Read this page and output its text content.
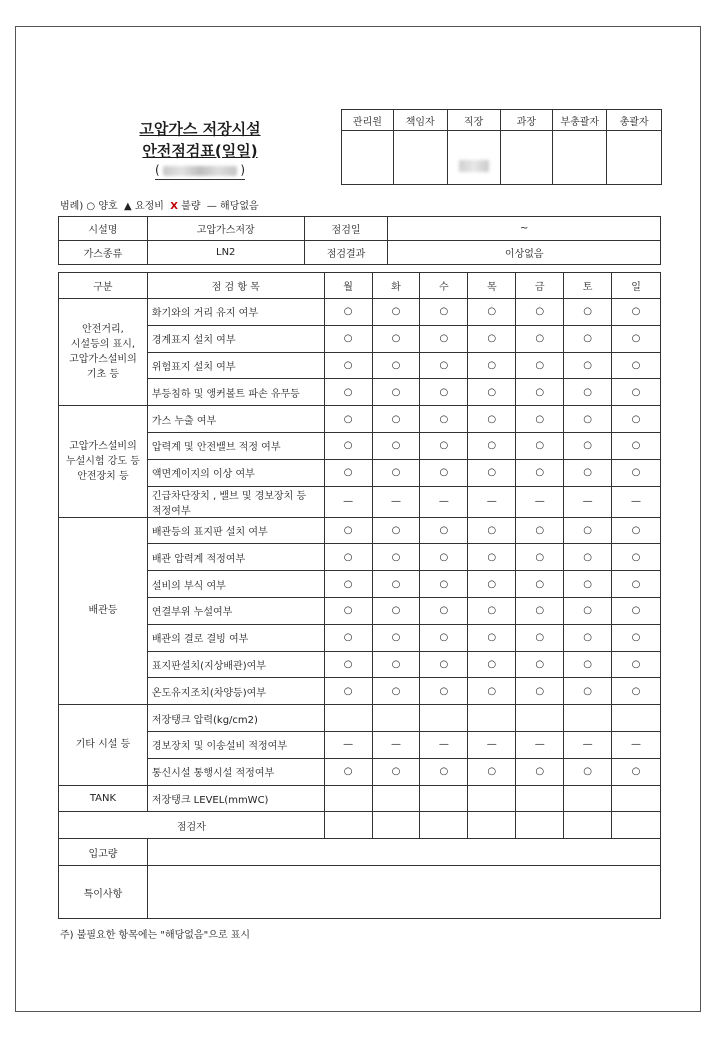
고압가스 저장시설
안전점검표(일일)
(	)
관리원	책임자	직장	과장	부총괄자	총괄자

범례) ○ 양호 ▲ 요정비 X 불량 — 해당없음
시설명	고압가스저장	점검일	~
가스종류	LN2	점검결과	이상없음
구분	점 검 항 목	월	화	수	목	금	토	일
안전거리,
시설등의 표시,
고압가스설비의
기초 등	화기와의 거리 유지 여부	○	○	○	○	○	○	○
	경계표지 설치 여부	○	○	○	○	○	○	○
	위험표지 설치 여부	○	○	○	○	○	○	○
	부등침하 및 앵커볼트 파손 유무등	○	○	○	○	○	○	○
고압가스설비의
누설시험 강도 등
안전장치 등	가스 누출 여부	○	○	○	○	○	○	○
	압력계 및 안전밸브 적정 여부	○	○	○	○	○	○	○
	액면계이지의 이상 여부	○	○	○	○	○	○	○
	긴급차단장치 , 밸브 및 경보장치 등
적정여부	—	—	—	—	—	—	—
배관등	배관등의 표지판 설치 여부	○	○	○	○	○	○	○
	배관 압력계 적정여부	○	○	○	○	○	○	○
	설비의 부식 여부	○	○	○	○	○	○	○
	연결부위 누설여부	○	○	○	○	○	○	○
	배관의 결로 결빙 여부	○	○	○	○	○	○	○
	표지판설치(지상배관)여부	○	○	○	○	○	○	○
	온도유지조치(차양등)여부	○	○	○	○	○	○	○
기타 시설 등	저장탱크 압력(kg/cm2)							
	경보장치 및 이송설비 적정여부	—	—	—	—	—	—	—
	통신시설 통행시설 적정여부	○	○	○	○	○	○	○
TANK	저장탱크 LEVEL(mmWC)							
점검자								
입고량								
특이사항								
주) 불필요한 항목에는 "해당없음"으로 표시
